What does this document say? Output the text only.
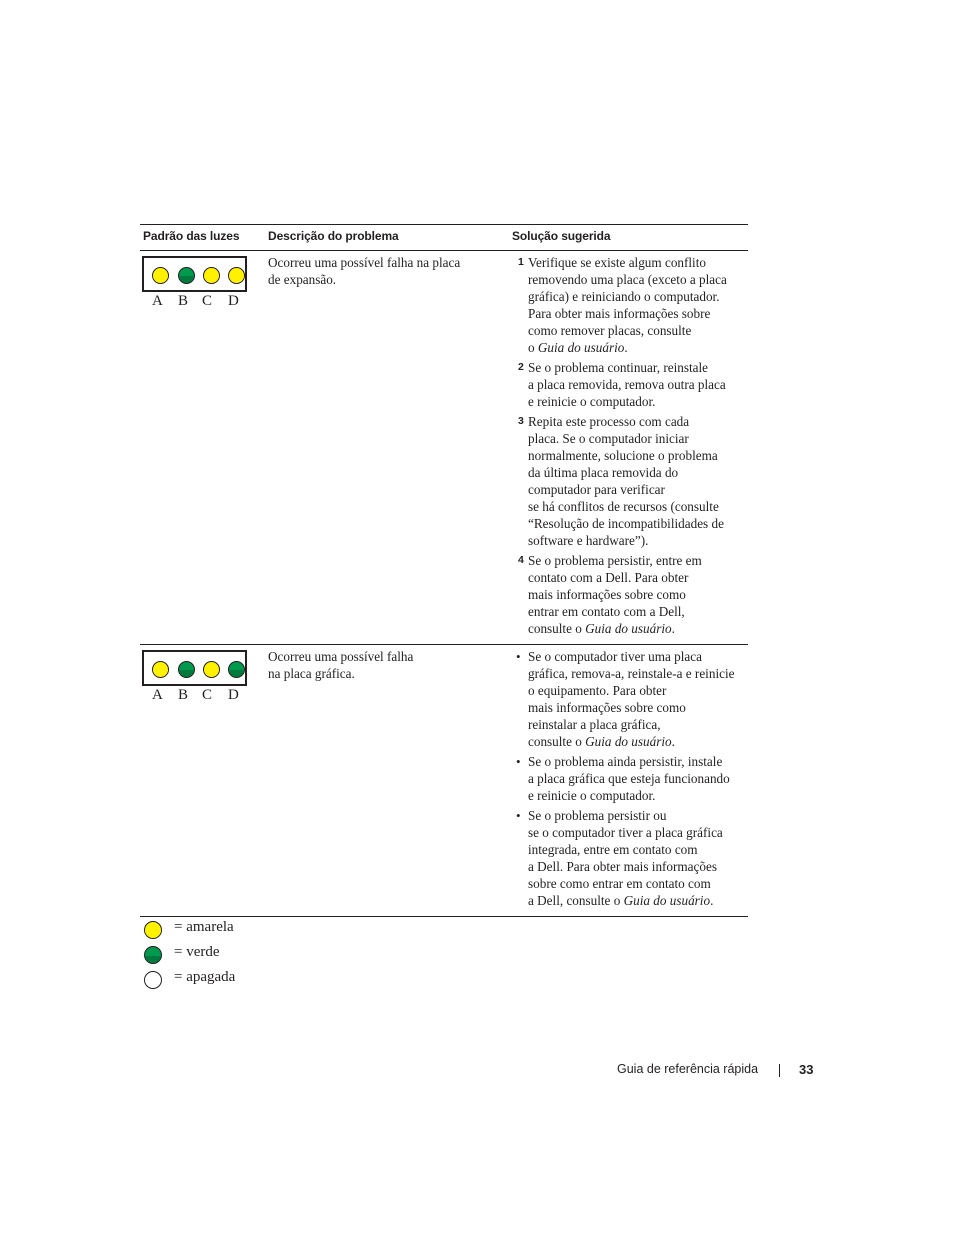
Padrão das luzes Descrição do problema	Solução sugerida
A B C D
Ocorreu uma possível falha na placa
de expansão.
1 Verifique se existe algum conflito
removendo uma placa (exceto a placa
gráfica) e reiniciando o computador.
Para obter mais informações sobre
como remover placas, consulte
o Guia do usuário.
2 Se o problema continuar, reinstale
a placa removida, remova outra placa
e reinicie o computador.
3 Repita este processo com cada
placa. Se o computador iniciar
normalmente, solucione o problema
da última placa removida do
computador para verificar
se há conflitos de recursos (consulte
“Resolução de incompatibilidades de
software e hardware”).
4 Se o problema persistir, entre em
contato com a Dell. Para obter
mais informações sobre como
entrar em contato com a Dell,
consulte o Guia do usuário.
A B C D
Ocorreu uma possível falha
na placa gráfica.
• Se o computador tiver uma placa
gráfica, remova-a, reinstale-a e reinicie
o equipamento. Para obter
mais informações sobre como
reinstalar a placa gráfica,
consulte o Guia do usuário.
• Se o problema ainda persistir, instale
a placa gráfica que esteja funcionando
e reinicie o computador.
• Se o problema persistir ou
se o computador tiver a placa gráfica
integrada, entre em contato com
a Dell. Para obter mais informações
sobre como entrar em contato com
a Dell, consulte o Guia do usuário.
= amarela
= verde
= apagada
Guia de referência rápida	33
